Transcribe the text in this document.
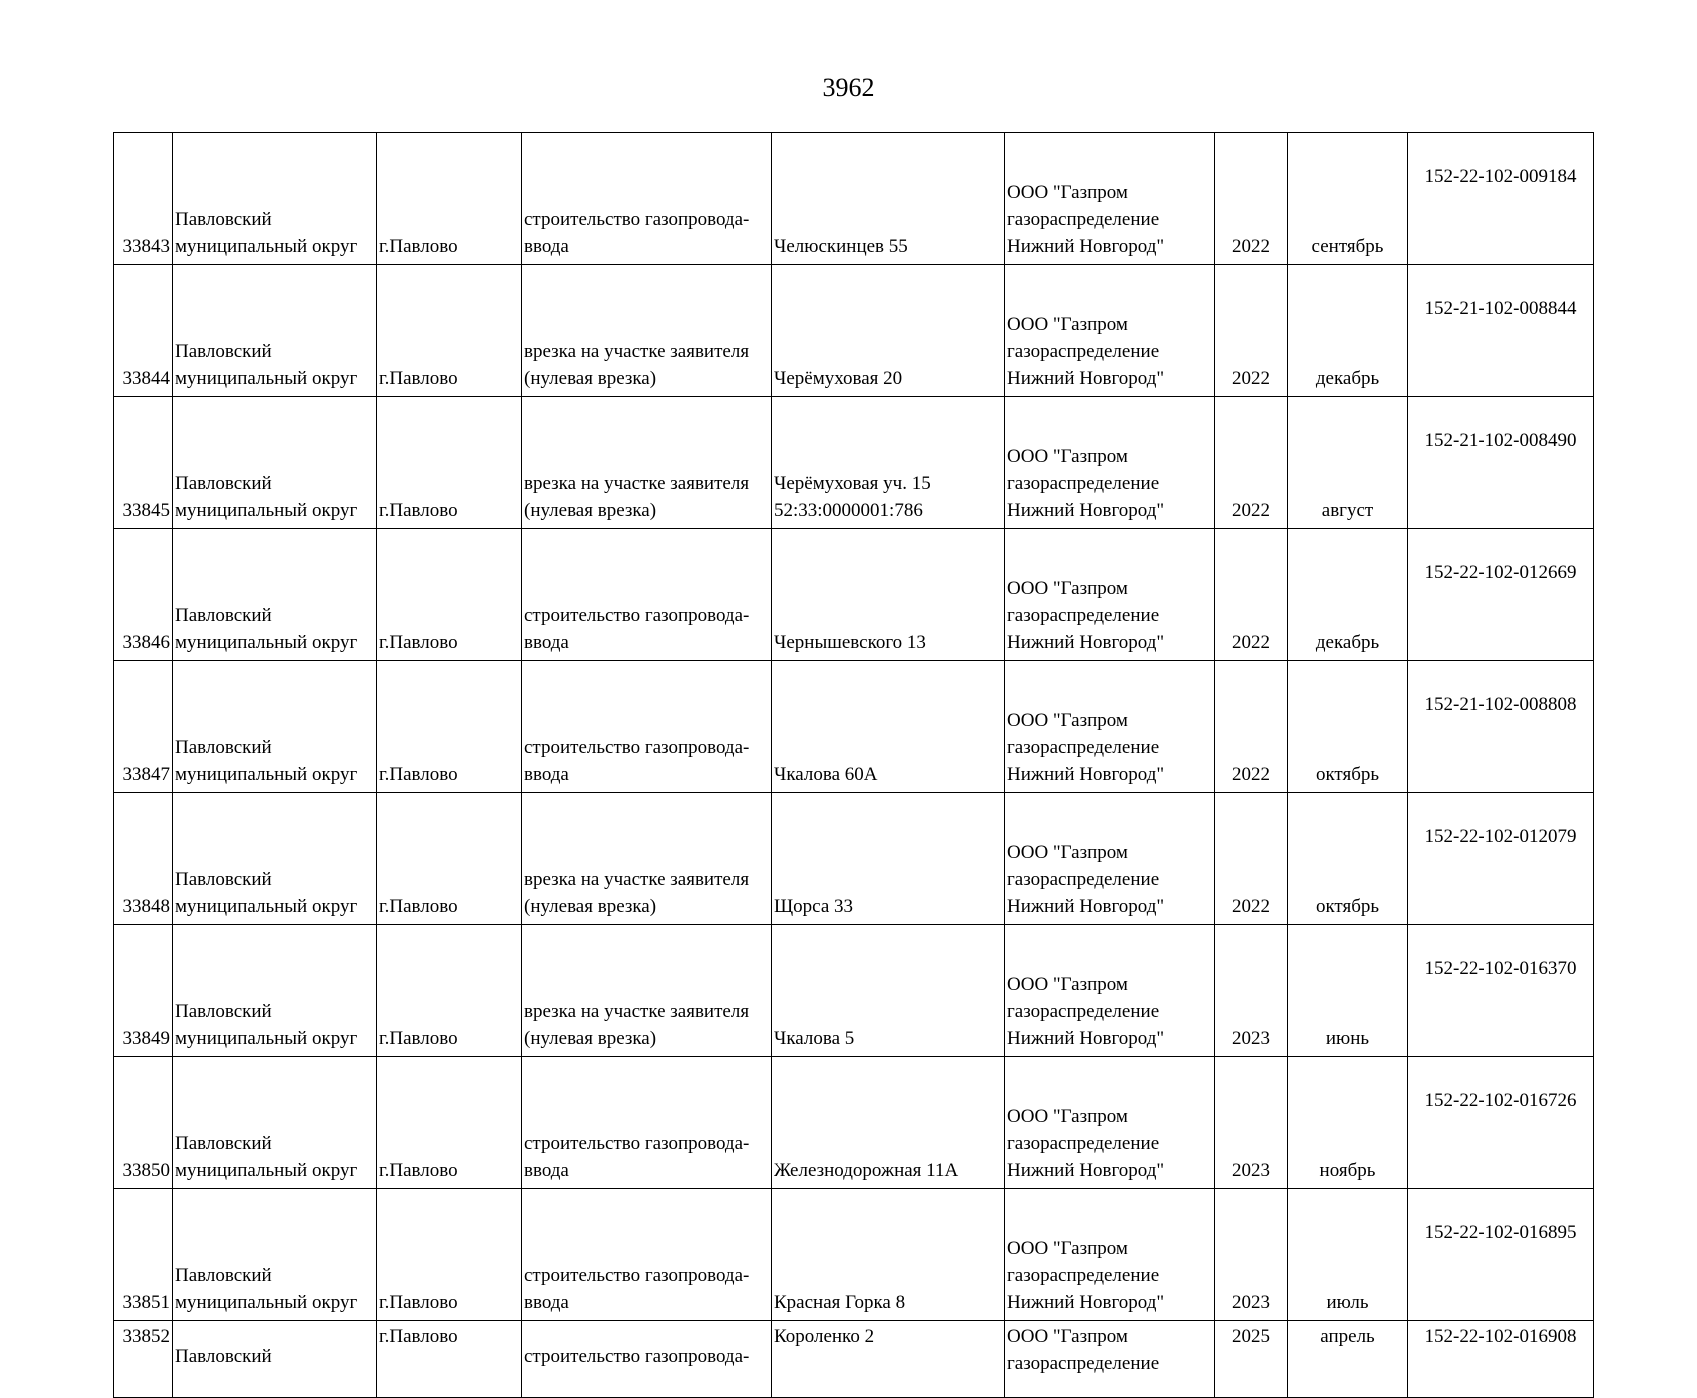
3962
33843	Павловский
муниципальный округ	г.Павлово	строительство газопровода-
ввода	Челюскинцев 55	ООО "Газпром
газораспределение
Нижний Новгород"	2022	сентябрь	152-22-102-009184
33844	Павловский
муниципальный округ	г.Павлово	врезка на участке заявителя
(нулевая врезка)	Черёмуховая 20	ООО "Газпром
газораспределение
Нижний Новгород"	2022	декабрь	152-21-102-008844
33845	Павловский
муниципальный округ	г.Павлово	врезка на участке заявителя
(нулевая врезка)	Черёмуховая уч. 15
52:33:0000001:786	ООО "Газпром
газораспределение
Нижний Новгород"	2022	август	152-21-102-008490
33846	Павловский
муниципальный округ	г.Павлово	строительство газопровода-
ввода	Чернышевского 13	ООО "Газпром
газораспределение
Нижний Новгород"	2022	декабрь	152-22-102-012669
33847	Павловский
муниципальный округ	г.Павлово	строительство газопровода-
ввода	Чкалова 60А	ООО "Газпром
газораспределение
Нижний Новгород"	2022	октябрь	152-21-102-008808
33848	Павловский
муниципальный округ	г.Павлово	врезка на участке заявителя
(нулевая врезка)	Щорса 33	ООО "Газпром
газораспределение
Нижний Новгород"	2022	октябрь	152-22-102-012079
33849	Павловский
муниципальный округ	г.Павлово	врезка на участке заявителя
(нулевая врезка)	Чкалова 5	ООО "Газпром
газораспределение
Нижний Новгород"	2023	июнь	152-22-102-016370
33850	Павловский
муниципальный округ	г.Павлово	строительство газопровода-
ввода	Железнодорожная 11А	ООО "Газпром
газораспределение
Нижний Новгород"	2023	ноябрь	152-22-102-016726
33851	Павловский
муниципальный округ	г.Павлово	строительство газопровода-
ввода	Красная Горка 8	ООО "Газпром
газораспределение
Нижний Новгород"	2023	июль	152-22-102-016895
33852	Павловский	г.Павлово	строительство газопровода-	Короленко 2	ООО "Газпром
газораспределение	2025	апрель	152-22-102-016908
